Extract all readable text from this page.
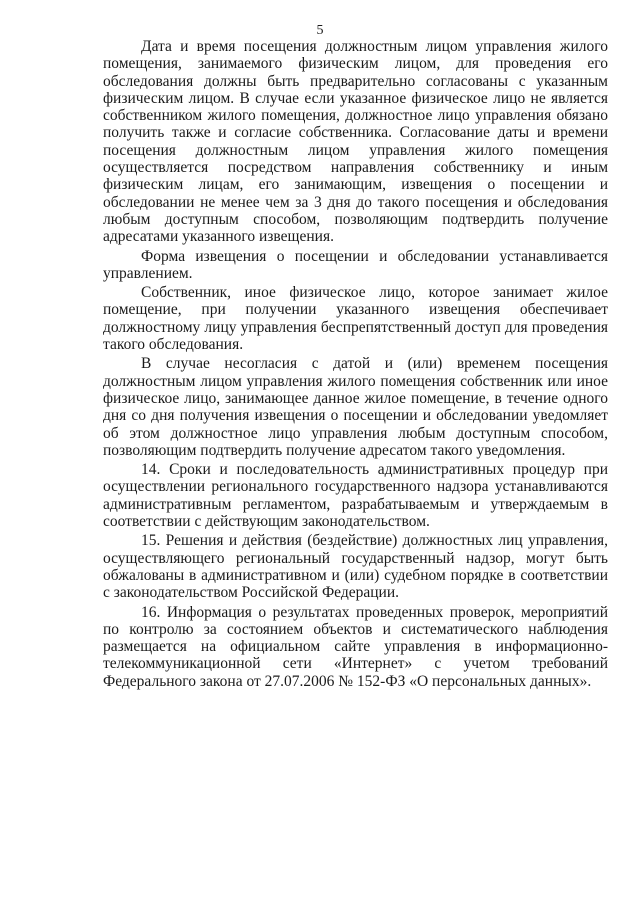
5

Дата и время посещения должностным лицом управления жилого помещения, занимаемого физическим лицом, для проведения его обследования должны быть предварительно согласованы с указанным физическим лицом. В случае если указанное физическое лицо не является собственником жилого помещения, должностное лицо управления обязано получить также и согласие собственника. Согласование даты и времени посещения должностным лицом управления жилого помещения осуществляется посредством направления собственнику и иным физическим лицам, его занимающим, извещения о посещении и обследовании не менее чем за 3 дня до такого посещения и обследования любым доступным способом, позволяющим подтвердить получение адресатами указанного извещения.

Форма извещения о посещении и обследовании устанавливается управлением.

Собственник, иное физическое лицо, которое занимает жилое помещение, при получении указанного извещения обеспечивает должностному лицу управления беспрепятственный доступ для проведения такого обследования.

В случае несогласия с датой и (или) временем посещения должностным лицом управления жилого помещения собственник или иное физическое лицо, занимающее данное жилое помещение, в течение одного дня со дня получения извещения о посещении и обследовании уведомляет об этом должностное лицо управления любым доступным способом, позволяющим подтвердить получение адресатом такого уведомления.

14. Сроки и последовательность административных процедур при осуществлении регионального государственного надзора устанавливаются административным регламентом, разрабатываемым и утверждаемым в соответствии с действующим законодательством.

15. Решения и действия (бездействие) должностных лиц управления, осуществляющего региональный государственный надзор, могут быть обжалованы в административном и (или) судебном порядке в соответствии с законодательством Российской Федерации.

16. Информация о результатах проведенных проверок, мероприятий по контролю за состоянием объектов и систематического наблюдения размещается на официальном сайте управления в информационно-телекоммуникационной сети «Интернет» с учетом требований Федерального закона от 27.07.2006 № 152-ФЗ «О персональных данных».
